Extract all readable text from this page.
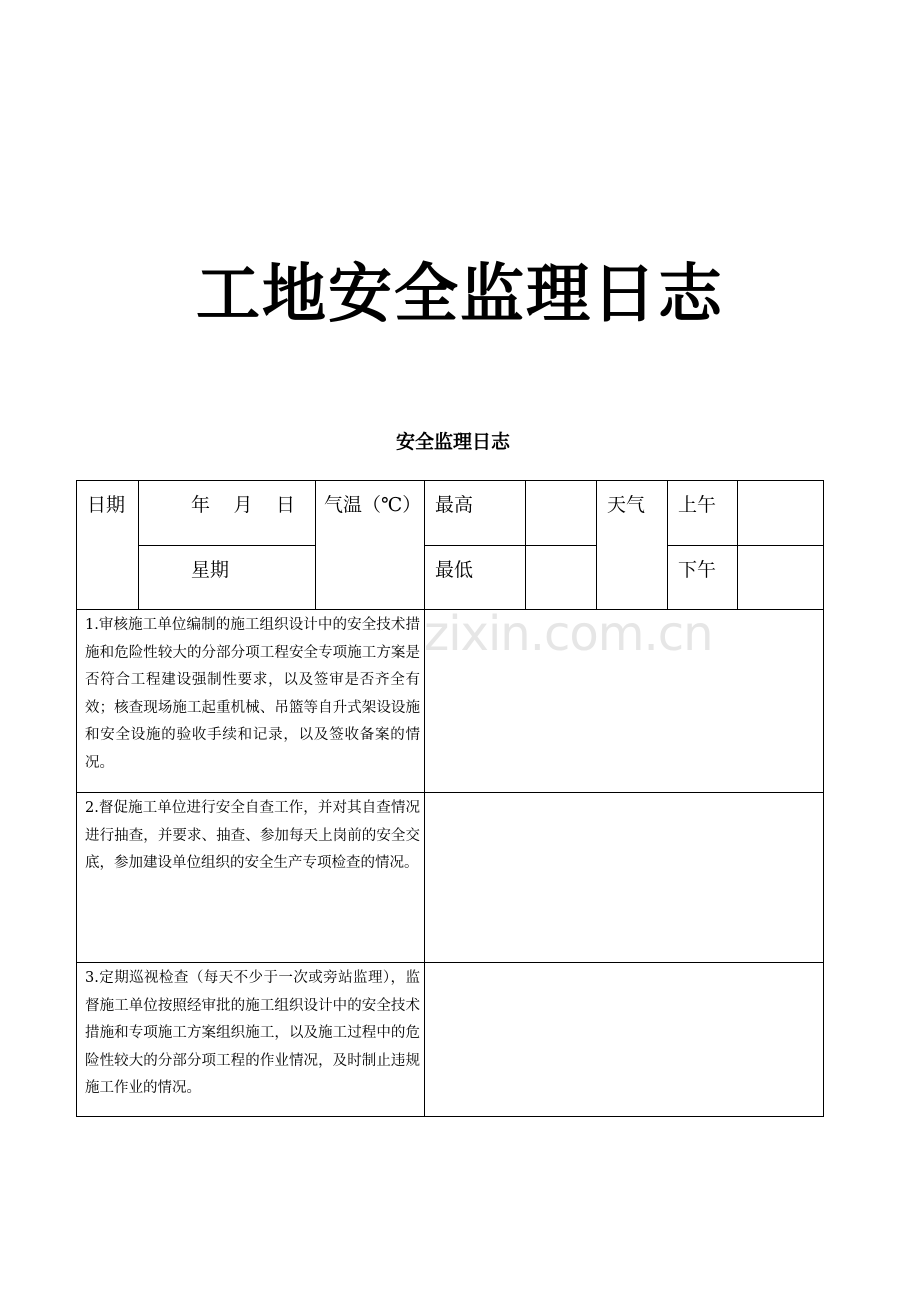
工地安全监理日志
安全监理日志
日期	年 月 日	气温（℃）	最高		天气	上午	

	星期		最低			下午	

1.审核施工单位编制的施工组织设计中的安全技术措施和危险性较大的分部分项工程安全专项施工方案是否符合工程建设强制性要求，以及签审是否齐全有效；核查现场施工起重机械、吊篮等自升式架设设施和安全设施的验收手续和记录，以及签收备案的情况。							

2.督促施工单位进行安全自查工作，并对其自查情况进行抽查，并要求、抽查、参加每天上岗前的安全交底，参加建设单位组织的安全生产专项检查的情况。							

3.定期巡视检查（每天不少于一次或旁站监理），监督施工单位按照经审批的施工组织设计中的安全技术措施和专项施工方案组织施工，以及施工过程中的危险性较大的分部分项工程的作业情况，及时制止违规施工作业的情况。							

zixin.com.cn
